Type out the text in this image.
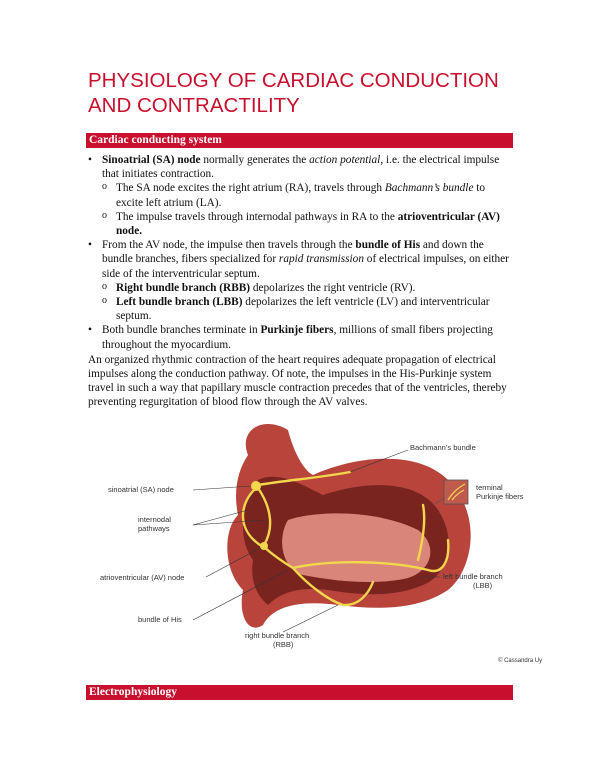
PHYSIOLOGY OF CARDIAC CONDUCTION
AND CONTRACTILITY
Cardiac conducting system
• Sinoatrial (SA) node normally generates the action potential, i.e. the electrical impulse that initiates contraction.
o The SA node excites the right atrium (RA), travels through Bachmann’s bundle to excite left atrium (LA).
o The impulse travels through internodal pathways in RA to the atrioventricular (AV) node.
• From the AV node, the impulse then travels through the bundle of His and down the bundle branches, fibers specialized for rapid transmission of electrical impulses, on either side of the interventricular septum.
o Right bundle branch (RBB) depolarizes the right ventricle (RV).
o Left bundle branch (LBB) depolarizes the left ventricle (LV) and interventricular septum.
• Both bundle branches terminate in Purkinje fibers, millions of small fibers projecting throughout the myocardium.
An organized rhythmic contraction of the heart requires adequate propagation of electrical impulses along the conduction pathway. Of note, the impulses in the His-Purkinje system travel in such a way that papillary muscle contraction precedes that of the ventricles, thereby preventing regurgitation of blood flow through the AV valves.
Bachmann’s bundle
sinoatrial (SA) node
internodal
pathways
terminal
Purkinje fibers
atrioventricular (AV) node	left bundle branch
(LBB)
bundle of His
right bundle branch
(RBB)
© Cassandra Uy
Electrophysiology
